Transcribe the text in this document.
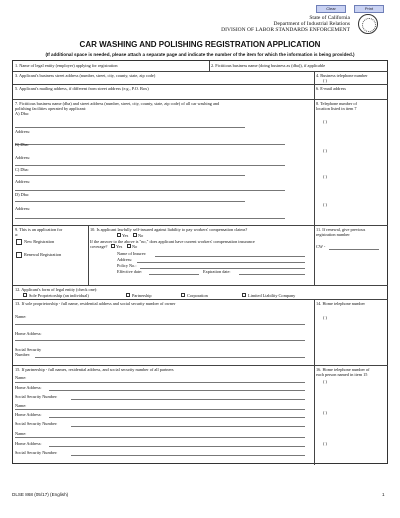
Clear	Print
State of California
Department of Industrial Relations
DIVISION OF LABOR STANDARDS ENFORCEMENT
CAR WASHING AND POLISHING REGISTRATION APPLICATION
(If additional space is needed, please attach a separate page and indicate the number of the item for which the information is being provided.)
1. Name of legal entity (employer) applying for registration	2. Fictitious business name (doing business as (dba)), if applicable
3. Applicant's business street address (number, street, city, county, state, zip code)	4. Business telephone number
( )
5. Applicant's mailing address, if different from street address (e.g., P.O. Box)	6. E-mail address
7. Fictitious business name (dba) and street address (number, street, city, county, state, zip code) of all car washing and
polishing facilities operated by applicant:
8. Telephone number of
location listed in item 7
A) Dba:
Address:
( )
B) Dba:
Address:
( )
C) Dba:
Address:
( )
D) Dba:
Address:
( )
9. This is an application for
a:
New Registration
Renewal Registration
10. Is applicant lawfully self-insured against liability to pay workers' compensation claims?
Yes No
If the answer to the above is "no," does applicant have current workers' compensation insurance
coverage? Yes No
Name of Insurer:
Address:
Policy No.:
Effective date:	Expiration date:
11. If renewal, give previous
registration number
CW -
12. Applicant's form of legal entity (check one):
Sole Proprietorship (an individual)	Partnership	Corporation	Limited Liability Company
13. If sole proprietorship - full name, residential address and social security number of owner	14. Home telephone number
Name:	( )
Home Address:
Social Security
Number:
15. If partnership - full names, residential address, and social security number of all partners	16. Home telephone number of
each person named in item 15
Name:
Home Address:
Social Security Number:
( )
Name:
Home Address:
Social Security Number:
( )
Name:
Home Address:
Social Security Number:
( )
DLSE 868 (05/17) (English)	1
